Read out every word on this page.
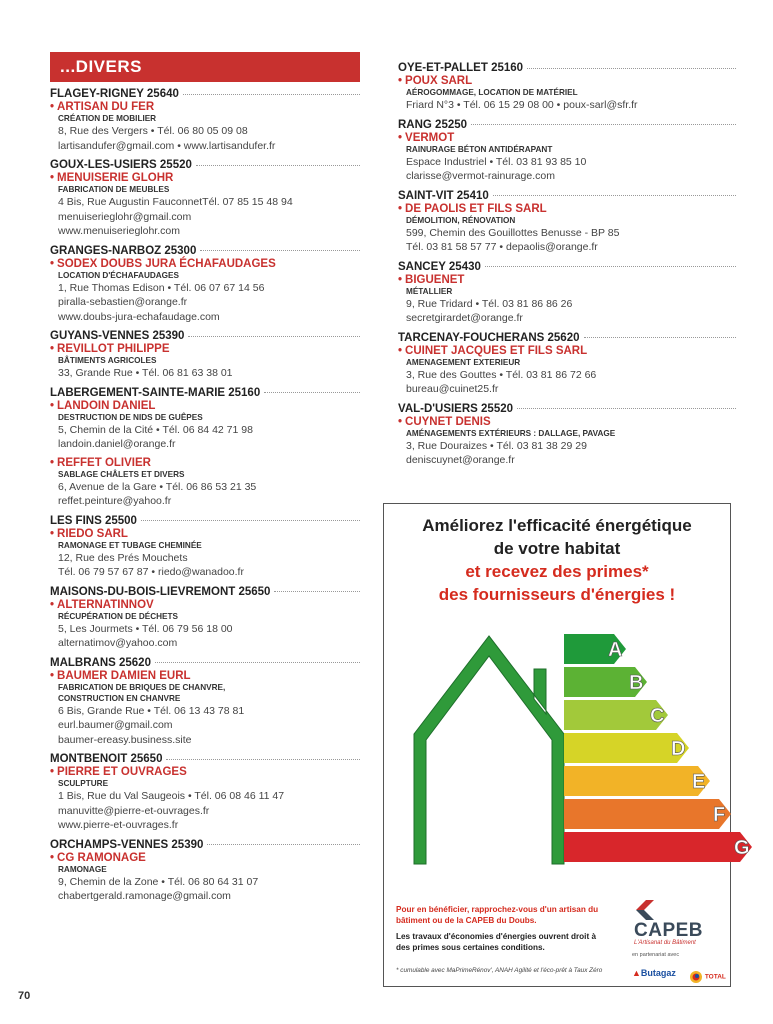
...DIVERS
FLAGEY-RIGNEY 25640
• ARTISAN DU FER
CRÉATION DE MOBILIER
8, Rue des Vergers • Tél. 06 80 05 09 08
lartisandufer@gmail.com • www.lartisandufer.fr
GOUX-LES-USIERS 25520
• MENUISERIE GLOHR
FABRICATION DE MEUBLES
4 Bis, Rue Augustin FauconnetTél. 07 85 15 48 94
menuiserieglohr@gmail.com
www.menuiserieglohr.com
GRANGES-NARBOZ 25300
• SODEX DOUBS JURA ÉCHAFAUDAGES
LOCATION D'ÉCHAFAUDAGES
1, Rue Thomas Edison • Tél. 06 07 67 14 56
piralla-sebastien@orange.fr
www.doubs-jura-echafaudage.com
GUYANS-VENNES 25390
• REVILLOT PHILIPPE
BÂTIMENTS AGRICOLES
33, Grande Rue • Tél. 06 81 63 38 01
LABERGEMENT-SAINTE-MARIE 25160
• LANDOIN DANIEL
DESTRUCTION DE NIDS DE GUÊPES
5, Chemin de la Cité • Tél. 06 84 42 71 98
landoin.daniel@orange.fr
• REFFET OLIVIER
SABLAGE CHÂLETS ET DIVERS
6, Avenue de la Gare • Tél. 06 86 53 21 35
reffet.peinture@yahoo.fr
LES FINS 25500
• RIEDO SARL
RAMONAGE ET TUBAGE CHEMINÉE
12, Rue des Prés Mouchets
Tél. 06 79 57 67 87 • riedo@wanadoo.fr
MAISONS-DU-BOIS-LIEVREMONT 25650
• ALTERNATINNOV
RÉCUPÉRATION DE DÉCHETS
5, Les Jourmets • Tél. 06 79 56 18 00
alternatimov@yahoo.com
MALBRANS 25620
• BAUMER DAMIEN EURL
FABRICATION DE BRIQUES DE CHANVRE,
CONSTRUCTION EN CHANVRE
6 Bis, Grande Rue • Tél. 06 13 43 78 81
eurl.baumer@gmail.com
baumer-ereasy.business.site
MONTBENOIT 25650
• PIERRE ET OUVRAGES
SCULPTURE
1 Bis, Rue du Val Saugeois • Tél. 06 08 46 11 47
manuvitte@pierre-et-ouvrages.fr
www.pierre-et-ouvrages.fr
ORCHAMPS-VENNES 25390
• CG RAMONAGE
RAMONAGE
9, Chemin de la Zone • Tél. 06 80 64 31 07
chabertgerald.ramonage@gmail.com
OYE-ET-PALLET 25160
• POUX SARL
AÉROGOMMAGE, LOCATION DE MATÉRIEL
Friard N°3 • Tél. 06 15 29 08 00 • poux-sarl@sfr.fr
RANG 25250
• VERMOT
RAINURAGE BÉTON ANTIDÉRAPANT
Espace Industriel • Tél. 03 81 93 85 10
clarisse@vermot-rainurage.com
SAINT-VIT 25410
• DE PAOLIS ET FILS SARL
DÉMOLITION, RÉNOVATION
599, Chemin des Gouillottes Benusse - BP 85
Tél. 03 81 58 57 77 • depaolis@orange.fr
SANCEY 25430
• BIGUENET
MÉTALLIER
9, Rue Tridard • Tél. 03 81 86 86 26
secretgirardet@orange.fr
TARCENAY-FOUCHERANS 25620
• CUINET JACQUES ET FILS SARL
AMENAGEMENT EXTERIEUR
3, Rue des Gouttes • Tél. 03 81 86 72 66
bureau@cuinet25.fr
VAL-D'USIERS 25520
• CUYNET DENIS
AMÉNAGEMENTS EXTÉRIEURS : DALLAGE, PAVAGE
3, Rue Douraizes • Tél. 03 81 38 29 29
deniscuynet@orange.fr
Améliorez l'efficacité énergétique
de votre habitat
et recevez des primes*
des fournisseurs d'énergies !
A
B
C
D
E
F
G
Pour en bénéficier, rapprochez-vous d'un artisan du bâtiment ou de la CAPEB du Doubs.
Les travaux d'économies d'énergies ouvrent droit à des primes sous certaines conditions.
* cumulable avec MaPrimeRénov', ANAH Agilité et l'éco-prêt à Taux Zéro
CAPEB
L'Artisanat du Bâtiment
en partenariat avec
▲Butagaz	TOTAL
70
